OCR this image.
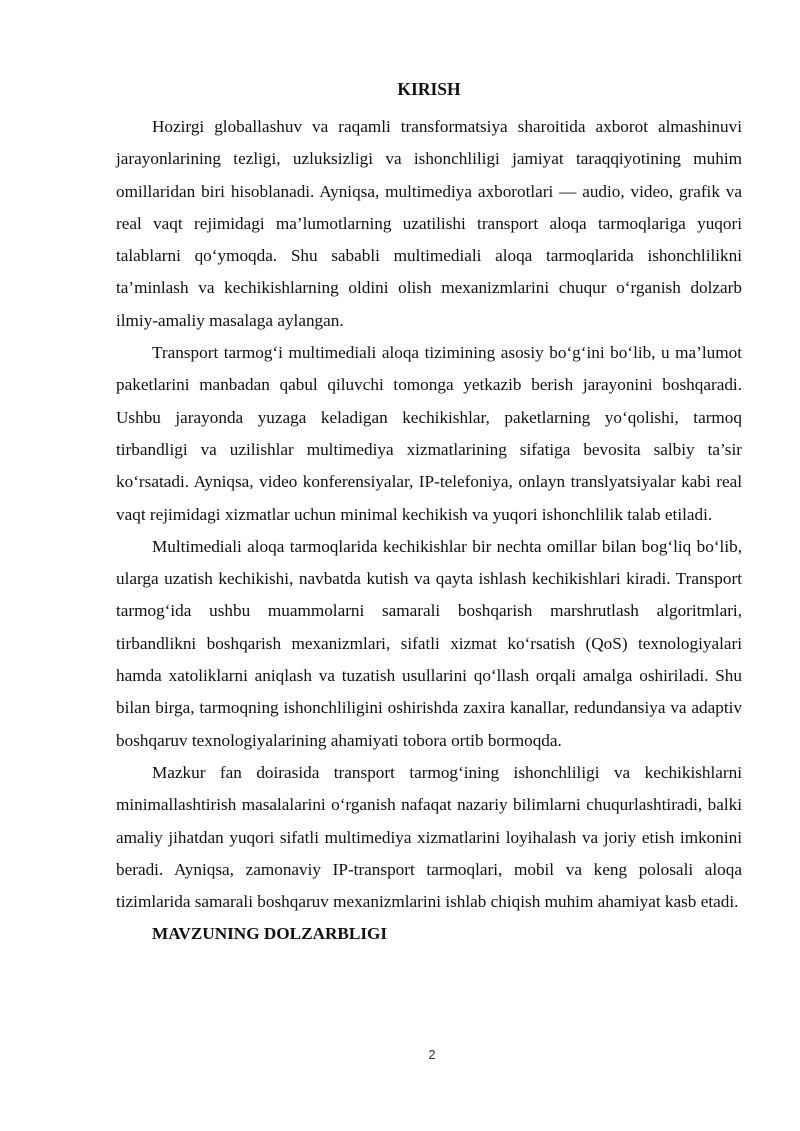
KIRISH

Hozirgi globallashuv va raqamli transformatsiya sharoitida axborot almashinuvi jarayonlarining tezligi, uzluksizligi va ishonchliligi jamiyat taraqqiyotining muhim omillaridan biri hisoblanadi. Ayniqsa, multimediya axborotlari — audio, video, grafik va real vaqt rejimidagi ma’lumotlarning uzatilishi transport aloqa tarmoqlariga yuqori talablarni qo‘ymoqda. Shu sababli multimediali aloqa tarmoqlarida ishonchlilikni ta’minlash va kechikishlarning oldini olish mexanizmlarini chuqur o‘rganish dolzarb ilmiy-amaliy masalaga aylangan.

Transport tarmog‘i multimediali aloqa tizimining asosiy bo‘g‘ini bo‘lib, u ma’lumot paketlarini manbadan qabul qiluvchi tomonga yetkazib berish jarayonini boshqaradi. Ushbu jarayonda yuzaga keladigan kechikishlar, paketlarning yo‘qolishi, tarmoq tirbandligi va uzilishlar multimediya xizmatlarining sifatiga bevosita salbiy ta’sir ko‘rsatadi. Ayniqsa, video konferensiyalar, IP-telefoniya, onlayn translyatsiyalar kabi real vaqt rejimidagi xizmatlar uchun minimal kechikish va yuqori ishonchlilik talab etiladi.

Multimediali aloqa tarmoqlarida kechikishlar bir nechta omillar bilan bog‘liq bo‘lib, ularga uzatish kechikishi, navbatda kutish va qayta ishlash kechikishlari kiradi. Transport tarmog‘ida ushbu muammolarni samarali boshqarish marshrutlash algoritmlari, tirbandlikni boshqarish mexanizmlari, sifatli xizmat ko‘rsatish (QoS) texnologiyalari hamda xatoliklarni aniqlash va tuzatish usullarini qo‘llash orqali amalga oshiriladi. Shu bilan birga, tarmoqning ishonchliligini oshirishda zaxira kanallar, redundansiya va adaptiv boshqaruv texnologiyalarining ahamiyati tobora ortib bormoqda.

Mazkur fan doirasida transport tarmog‘ining ishonchliligi va kechikishlarni minimallashtirish masalalarini o‘rganish nafaqat nazariy bilimlarni chuqurlashtiradi, balki amaliy jihatdan yuqori sifatli multimediya xizmatlarini loyihalash va joriy etish imkonini beradi. Ayniqsa, zamonaviy IP-transport tarmoqlari, mobil va keng polosali aloqa tizimlarida samarali boshqaruv mexanizmlarini ishlab chiqish muhim ahamiyat kasb etadi.

MAVZUNING DOLZARBLIGI
2
